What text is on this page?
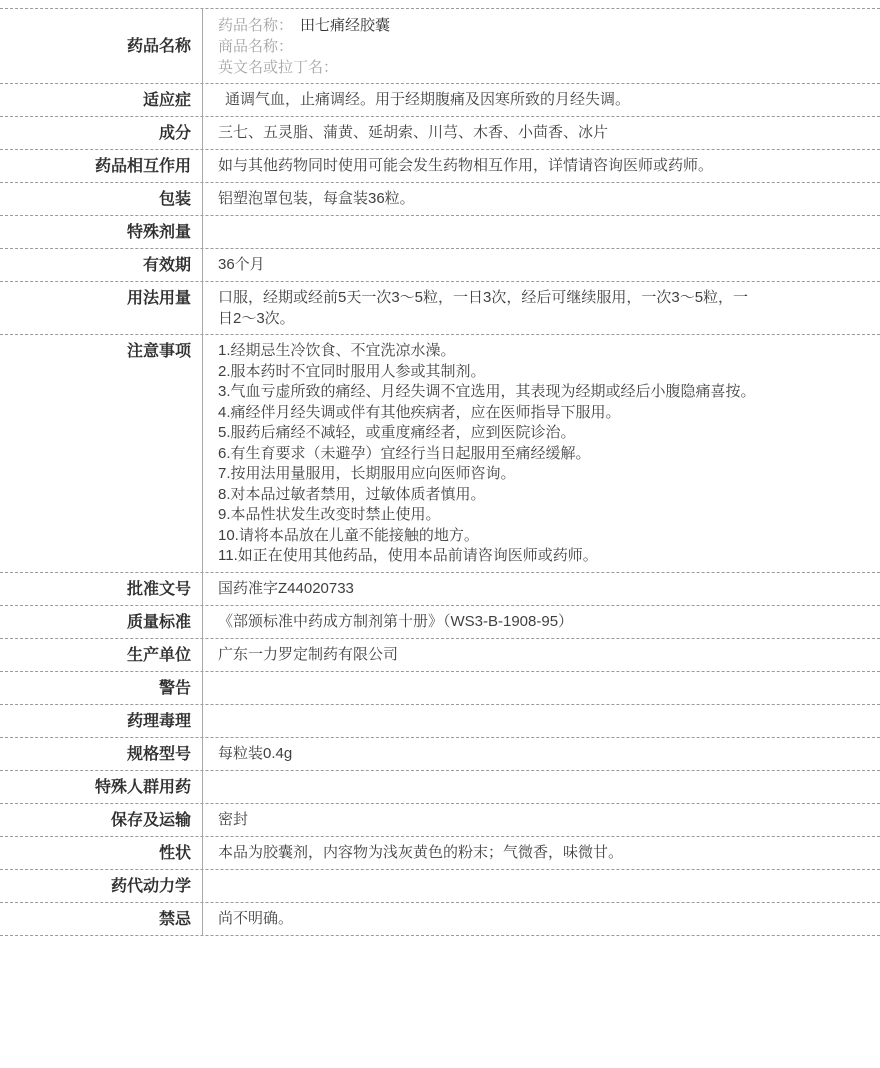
药品名称
药品名称： 田七痛经胶囊
商品名称：
英文名或拉丁名：
适应症	通调气血，止痛调经。用于经期腹痛及因寒所致的月经失调。
成分	三七、五灵脂、蒲黄、延胡索、川芎、木香、小茴香、冰片
药品相互作用	如与其他药物同时使用可能会发生药物相互作用，详情请咨询医师或药师。
包装	铝塑泡罩包装，每盒装36粒。
特殊剂量
有效期	36个月
用法用量	口服，经期或经前5天一次3～5粒，一日3次，经后可继续服用，一次3～5粒，一日2～3次。
注意事项	1.经期忌生冷饮食、不宜洗凉水澡。
2.服本药时不宜同时服用人参或其制剂。
3.气血亏虚所致的痛经、月经失调不宜选用，其表现为经期或经后小腹隐痛喜按。
4.痛经伴月经失调或伴有其他疾病者，应在医师指导下服用。
5.服药后痛经不减轻，或重度痛经者，应到医院诊治。
6.有生育要求（未避孕）宜经行当日起服用至痛经缓解。
7.按用法用量服用，长期服用应向医师咨询。
8.对本品过敏者禁用，过敏体质者慎用。
9.本品性状发生改变时禁止使用。
10.请将本品放在儿童不能接触的地方。
11.如正在使用其他药品，使用本品前请咨询医师或药师。
批准文号	国药准字Z44020733
质量标准	《部颁标准中药成方制剂第十册》（WS3-B-1908-95）
生产单位	广东一力罗定制药有限公司
警告
药理毒理
规格型号	每粒装0.4g
特殊人群用药
保存及运输	密封
性状	本品为胶囊剂，内容物为浅灰黄色的粉末；气微香，味微甘。
药代动力学
禁忌	尚不明确。
